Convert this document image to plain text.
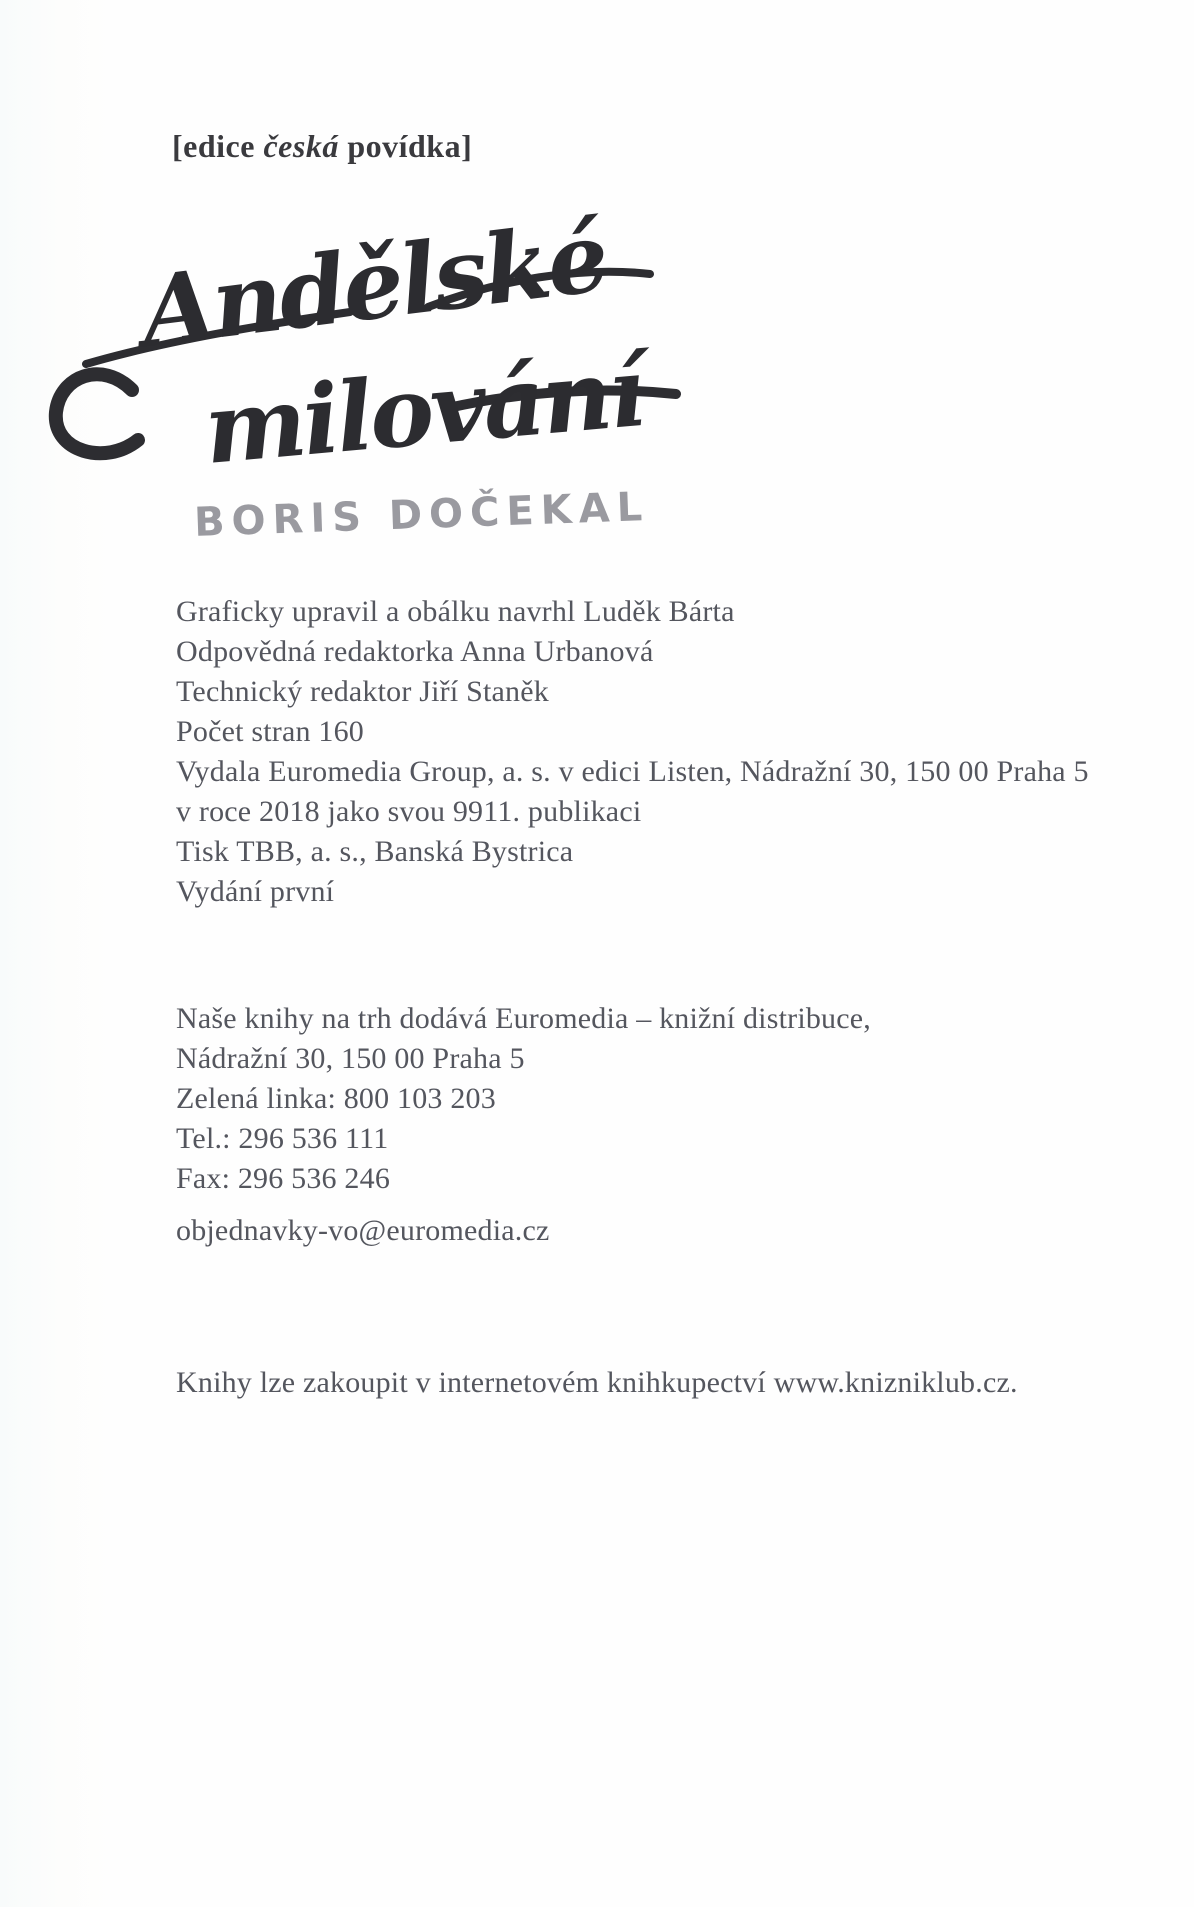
[edice česká povídka]
Andělské
milování
BORIS DOČEKAL
Graficky upravil a obálku navrhl Luděk Bárta
Odpovědná redaktorka Anna Urbanová
Technický redaktor Jiří Staněk
Počet stran 160
Vydala Euromedia Group, a. s. v edici Listen, Nádražní 30, 150 00 Praha 5
v roce 2018 jako svou 9911. publikaci
Tisk TBB, a. s., Banská Bystrica
Vydání první
Naše knihy na trh dodává Euromedia – knižní distribuce,
Nádražní 30, 150 00 Praha 5
Zelená linka: 800 103 203
Tel.: 296 536 111
Fax: 296 536 246
objednavky-vo@euromedia.cz
Knihy lze zakoupit v internetovém knihkupectví www.knizniklub.cz.
